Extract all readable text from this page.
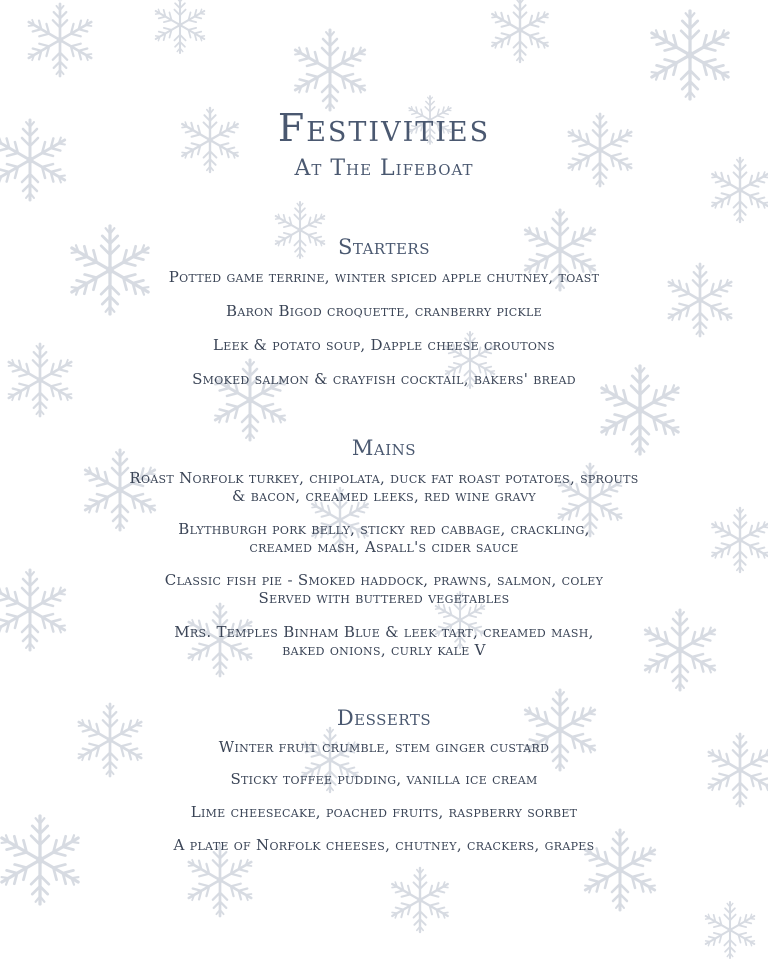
Festivities
At The Lifeboat
Starters
Potted game terrine, winter spiced apple chutney, toast
Baron Bigod croquette, cranberry pickle
Leek & potato soup, Dapple cheese croutons
Smoked salmon & crayfish cocktail, bakers' bread
Mains
Roast Norfolk turkey, chipolata, duck fat roast potatoes, sprouts
& bacon, creamed leeks, red wine gravy
Blythburgh pork belly, sticky red cabbage, crackling,
creamed mash, Aspall's cider sauce
Classic fish pie - Smoked haddock, prawns, salmon, coley
Served with buttered vegetables
Mrs. Temples Binham Blue & leek tart, creamed mash,
baked onions, curly kale V
Desserts
Winter fruit crumble, stem ginger custard
Sticky toffee pudding, vanilla ice cream
Lime cheesecake, poached fruits, raspberry sorbet
A plate of Norfolk cheeses, chutney, crackers, grapes
